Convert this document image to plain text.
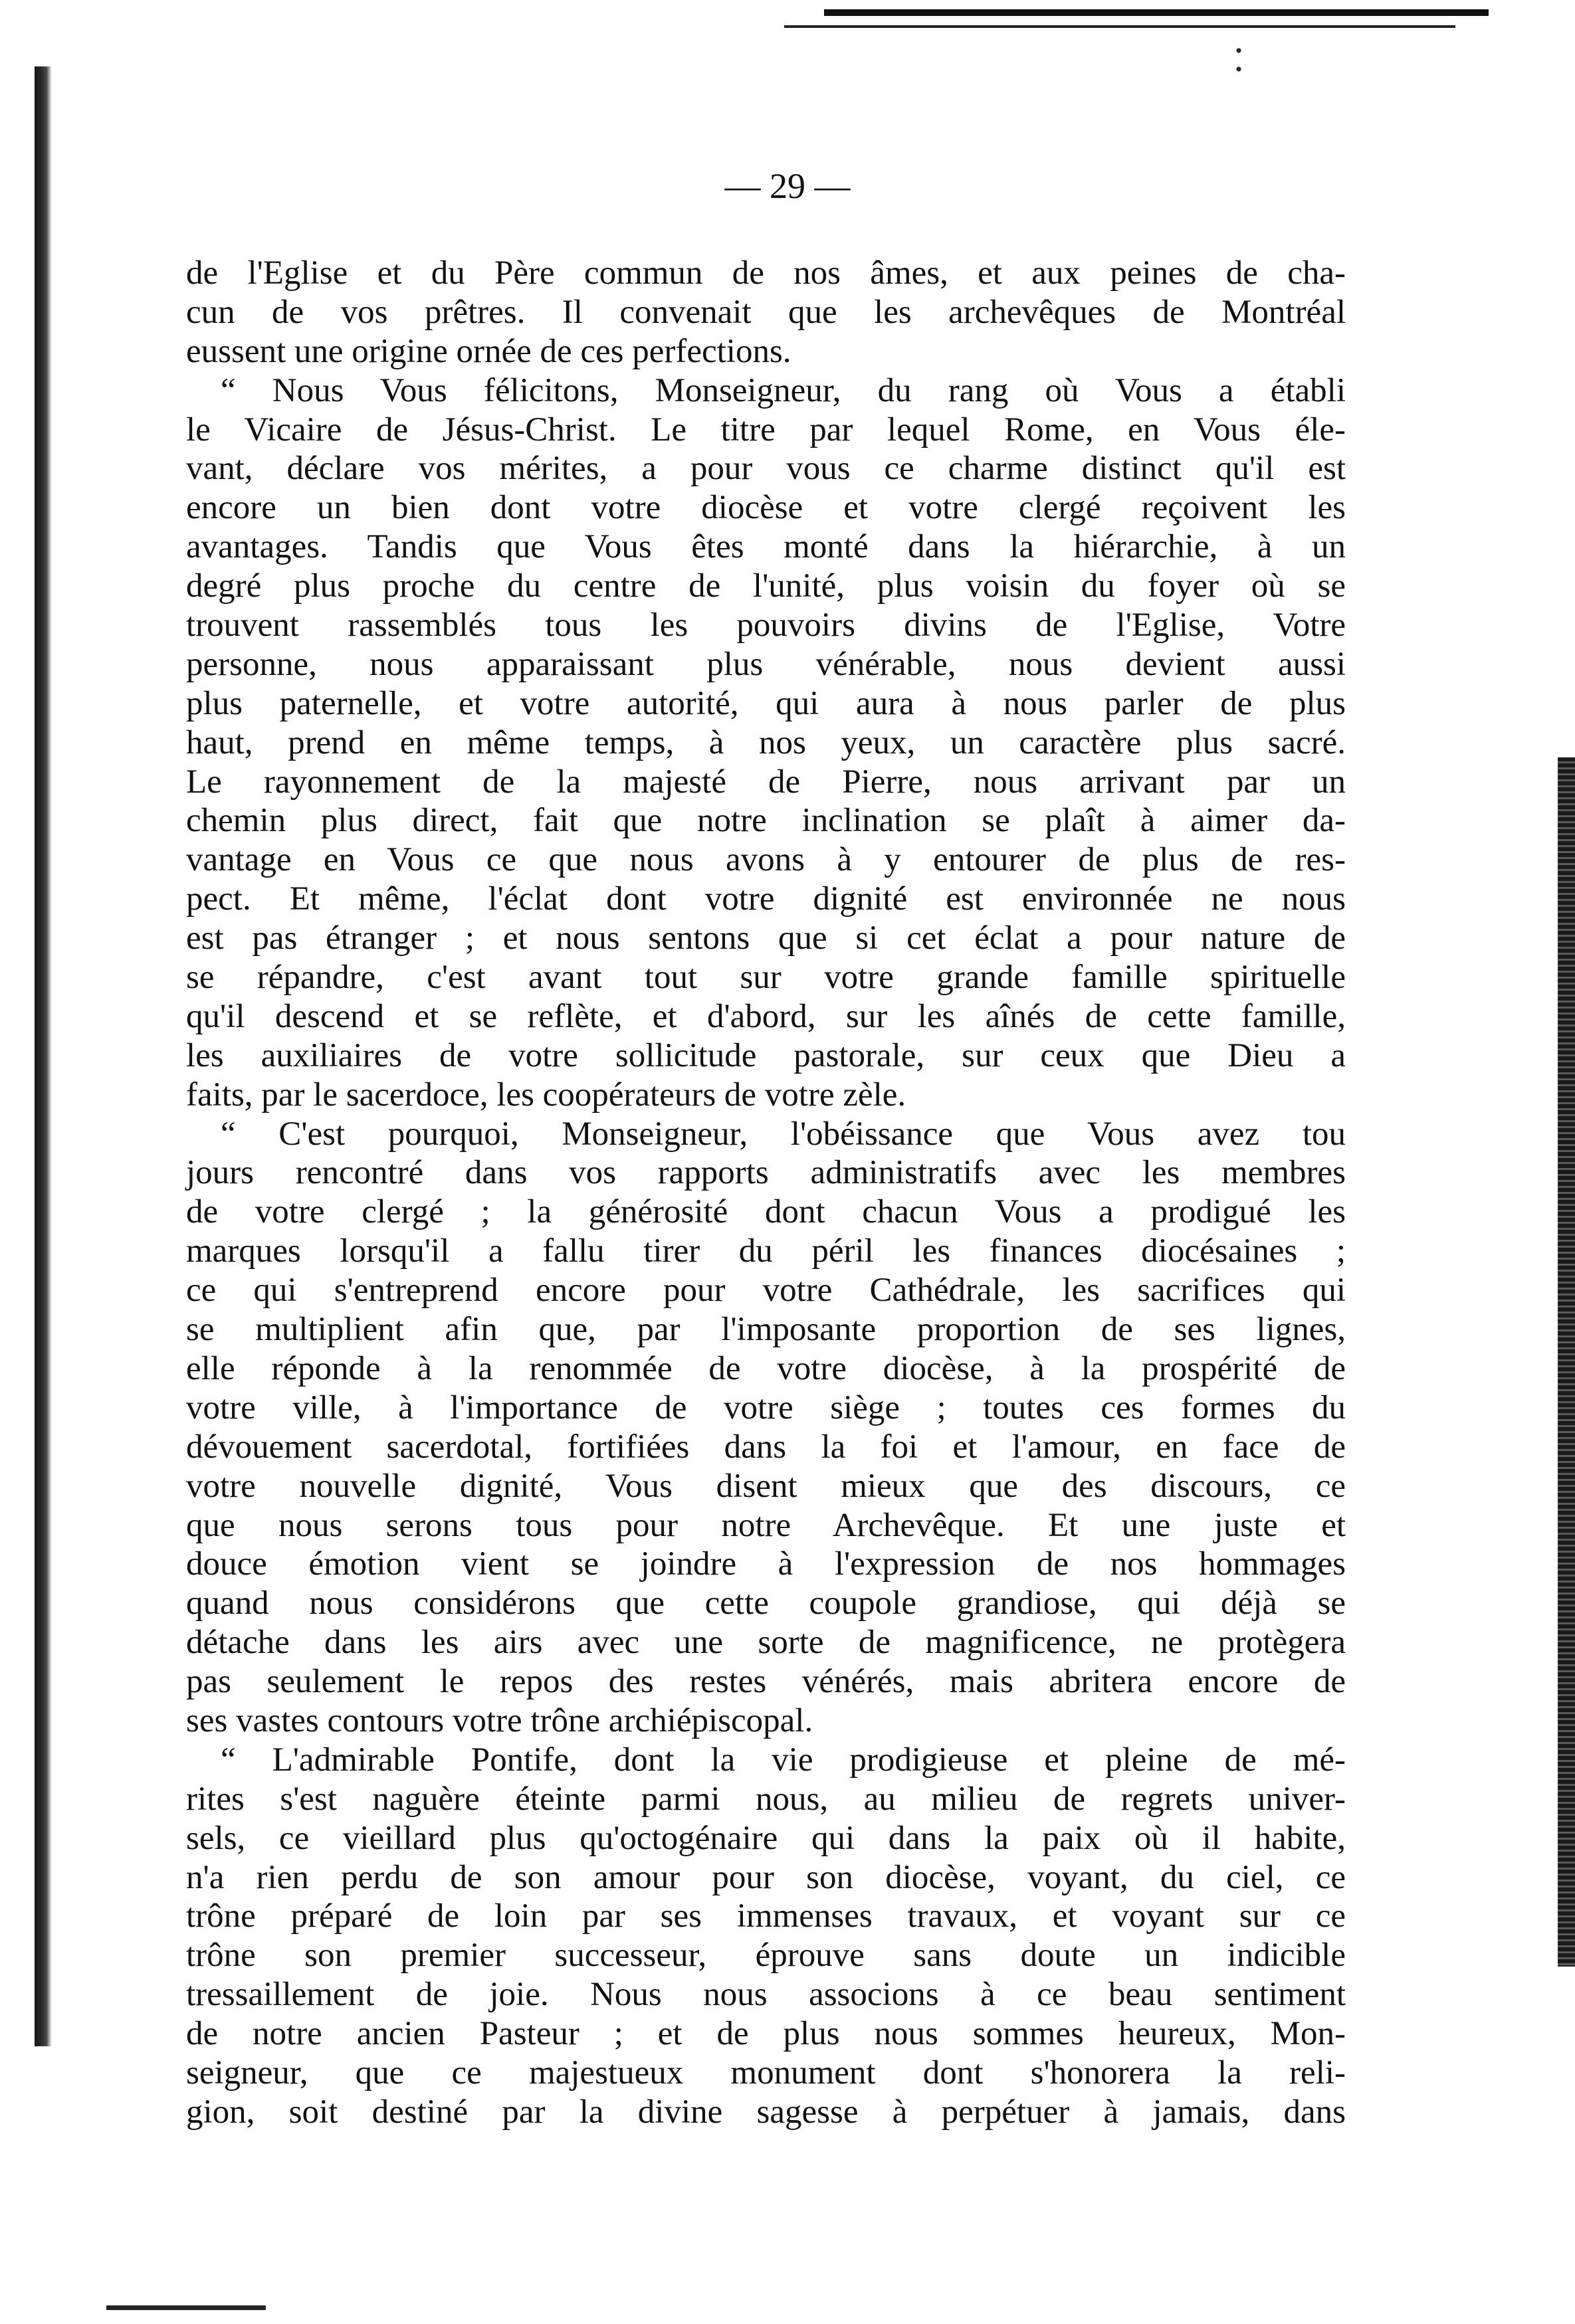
— 29 —
de l'Eglise et du Père commun de nos âmes, et aux peines de cha-
cun de vos prêtres. Il convenait que les archevêques de Montréal
eussent une origine ornée de ces perfections.
“ Nous Vous félicitons, Monseigneur, du rang où Vous a établi
le Vicaire de Jésus-Christ. Le titre par lequel Rome, en Vous éle-
vant, déclare vos mérites, a pour vous ce charme distinct qu'il est
encore un bien dont votre diocèse et votre clergé reçoivent les
avantages. Tandis que Vous êtes monté dans la hiérarchie, à un
degré plus proche du centre de l'unité, plus voisin du foyer où se
trouvent rassemblés tous les pouvoirs divins de l'Eglise, Votre
personne, nous apparaissant plus vénérable, nous devient aussi
plus paternelle, et votre autorité, qui aura à nous parler de plus
haut, prend en même temps, à nos yeux, un caractère plus sacré.
Le rayonnement de la majesté de Pierre, nous arrivant par un
chemin plus direct, fait que notre inclination se plaît à aimer da-
vantage en Vous ce que nous avons à y entourer de plus de res-
pect. Et même, l'éclat dont votre dignité est environnée ne nous
est pas étranger ; et nous sentons que si cet éclat a pour nature de
se répandre, c'est avant tout sur votre grande famille spirituelle
qu'il descend et se reflète, et d'abord, sur les aînés de cette famille,
les auxiliaires de votre sollicitude pastorale, sur ceux que Dieu a
faits, par le sacerdoce, les coopérateurs de votre zèle.
“ C'est pourquoi, Monseigneur, l'obéissance que Vous avez tou
jours rencontré dans vos rapports administratifs avec les membres
de votre clergé ; la générosité dont chacun Vous a prodigué les
marques lorsqu'il a fallu tirer du péril les finances diocésaines ;
ce qui s'entreprend encore pour votre Cathédrale, les sacrifices qui
se multiplient afin que, par l'imposante proportion de ses lignes,
elle réponde à la renommée de votre diocèse, à la prospérité de
votre ville, à l'importance de votre siège ; toutes ces formes du
dévouement sacerdotal, fortifiées dans la foi et l'amour, en face de
votre nouvelle dignité, Vous disent mieux que des discours, ce
que nous serons tous pour notre Archevêque. Et une juste et
douce émotion vient se joindre à l'expression de nos hommages
quand nous considérons que cette coupole grandiose, qui déjà se
détache dans les airs avec une sorte de magnificence, ne protègera
pas seulement le repos des restes vénérés, mais abritera encore de
ses vastes contours votre trône archiépiscopal.
“ L'admirable Pontife, dont la vie prodigieuse et pleine de mé-
rites s'est naguère éteinte parmi nous, au milieu de regrets univer-
sels, ce vieillard plus qu'octogénaire qui dans la paix où il habite,
n'a rien perdu de son amour pour son diocèse, voyant, du ciel, ce
trône préparé de loin par ses immenses travaux, et voyant sur ce
trône son premier successeur, éprouve sans doute un indicible
tressaillement de joie. Nous nous associons à ce beau sentiment
de notre ancien Pasteur ; et de plus nous sommes heureux, Mon-
seigneur, que ce majestueux monument dont s'honorera la reli-
gion, soit destiné par la divine sagesse à perpétuer à jamais, dans
